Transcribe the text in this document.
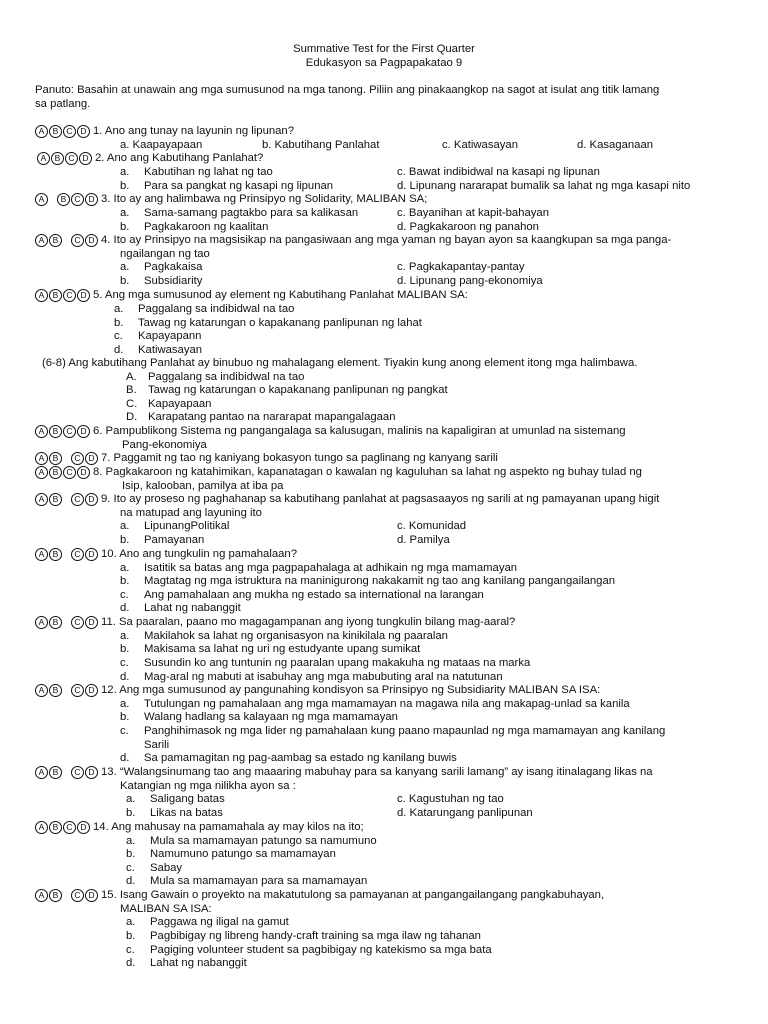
Summative Test for the First Quarter
Edukasyon sa Pagpapakatao 9
Panuto: Basahin at unawain ang mga sumusunod na mga tanong. Piliin ang pinakaangkop na sagot at isulat ang titik lamang
sa patlang.
A B C D 1. Ano ang tunay na layunin ng lipunan?
a. Kaapayapaan	b. Kabutihang Panlahat	c. Katiwasayan	d. Kasaganaan
A B C D 2. Ano ang Kabutihang Panlahat?
a. Kabutihan ng lahat ng tao	c. Bawat indibidwal na kasapi ng lipunan
b. Para sa pangkat ng kasapi ng lipunan	d. Lipunang nararapat bumalik sa lahat ng mga kasapi nito
A B C D 3. Ito ay ang halimbawa ng Prinsipyo ng Solidarity, MALIBAN SA;
a. Sama-samang pagtakbo para sa kalikasan	c. Bayanihan at kapit-bahayan
b. Pagkakaroon ng kaalitan	d. Pagkakaroon ng panahon
A B C D 4. Ito ay Prinsipyo na magsisikap na pangasiwaan ang mga yaman ng bayan ayon sa kaangkupan sa mga panga-
ngailangan ng tao
a. Pagkakaisa	c. Pagkakapantay-pantay
b. Subsidiarity	d. Lipunang pang-ekonomiya
A B C D 5. Ang mga sumusunod ay element ng Kabutihang Panlahat MALIBAN SA:
a. Paggalang sa indibidwal na tao
b. Tawag ng katarungan o kapakanang panlipunan ng lahat
c. Kapayapann
d. Katiwasayan
(6-8) Ang kabutihang Panlahat ay binubuo ng mahalagang element. Tiyakin kung anong element itong mga halimbawa.
A. Paggalang sa indibidwal na tao
B. Tawag ng katarungan o kapakanang panlipunan ng pangkat
C. Kapayapaan
D. Karapatang pantao na nararapat mapangalagaan
A B C D 6. Pampublikong Sistema ng pangangalaga sa kalusugan, malinis na kapaligiran at umunlad na sistemang
Pang-ekonomiya
A B C D 7. Paggamit ng tao ng kaniyang bokasyon tungo sa paglinang ng kanyang sarili
A B C D 8. Pagkakaroon ng katahimikan, kapanatagan o kawalan ng kaguluhan sa lahat ng aspekto ng buhay tulad ng
Isip, kalooban, pamilya at iba pa
A B C D 9. Ito ay proseso ng paghahanap sa kabutihang panlahat at pagsasaayos ng sarili at ng pamayanan upang higit
na matupad ang layuning ito
a. LipunangPolitikal	c. Komunidad
b. Pamayanan	d. Pamilya
A B C D 10. Ano ang tungkulin ng pamahalaan?
a. Isatitik sa batas ang mga pagpapahalaga at adhikain ng mga mamamayan
b. Magtatag ng mga istruktura na maninigurong nakakamit ng tao ang kanilang pangangailangan
c. Ang pamahalaan ang mukha ng estado sa international na larangan
d. Lahat ng nabanggit
A B C D 11. Sa paaralan, paano mo magagampanan ang iyong tungkulin bilang mag-aaral?
a. Makilahok sa lahat ng organisasyon na kinikilala ng paaralan
b. Makisama sa lahat ng uri ng estudyante upang sumikat
c. Susundin ko ang tuntunin ng paaralan upang makakuha ng mataas na marka
d. Mag-aral ng mabuti at isabuhay ang mga mabubuting aral na natutunan
A B C D 12. Ang mga sumusunod ay pangunahing kondisyon sa Prinsipyo ng Subsidiarity MALIBAN SA ISA:
a. Tutulungan ng pamahalaan ang mga mamamayan na magawa nila ang makapag-unlad sa kanila
b. Walang hadlang sa kalayaan ng mga mamamayan
c. Panghihimasok ng mga lider ng pamahalaan kung paano mapaunlad ng mga mamamayan ang kanilang
Sarili
d. Sa pamamagitan ng pag-aambag sa estado ng kanilang buwis
A B C D 13. “Walangsinumang tao ang maaaring mabuhay para sa kanyang sarili lamang” ay isang itinalagang likas na
Katangian ng mga nilikha ayon sa :
a. Saligang batas	c. Kagustuhan ng tao
b. Likas na batas	d. Katarungang panlipunan
A B C D 14. Ang mahusay na pamamahala ay may kilos na ito;
a. Mula sa mamamayan patungo sa namumuno
b. Namumuno patungo sa mamamayan
c. Sabay
d. Mula sa mamamayan para sa mamamayan
A B C D 15. Isang Gawain o proyekto na makatutulong sa pamayanan at pangangailangang pangkabuhayan,
MALIBAN SA ISA:
a. Paggawa ng iligal na gamut
b. Pagbibigay ng libreng handy-craft training sa mga ilaw ng tahanan
c. Pagiging volunteer student sa pagbibigay ng katekismo sa mga bata
d. Lahat ng nabanggit
